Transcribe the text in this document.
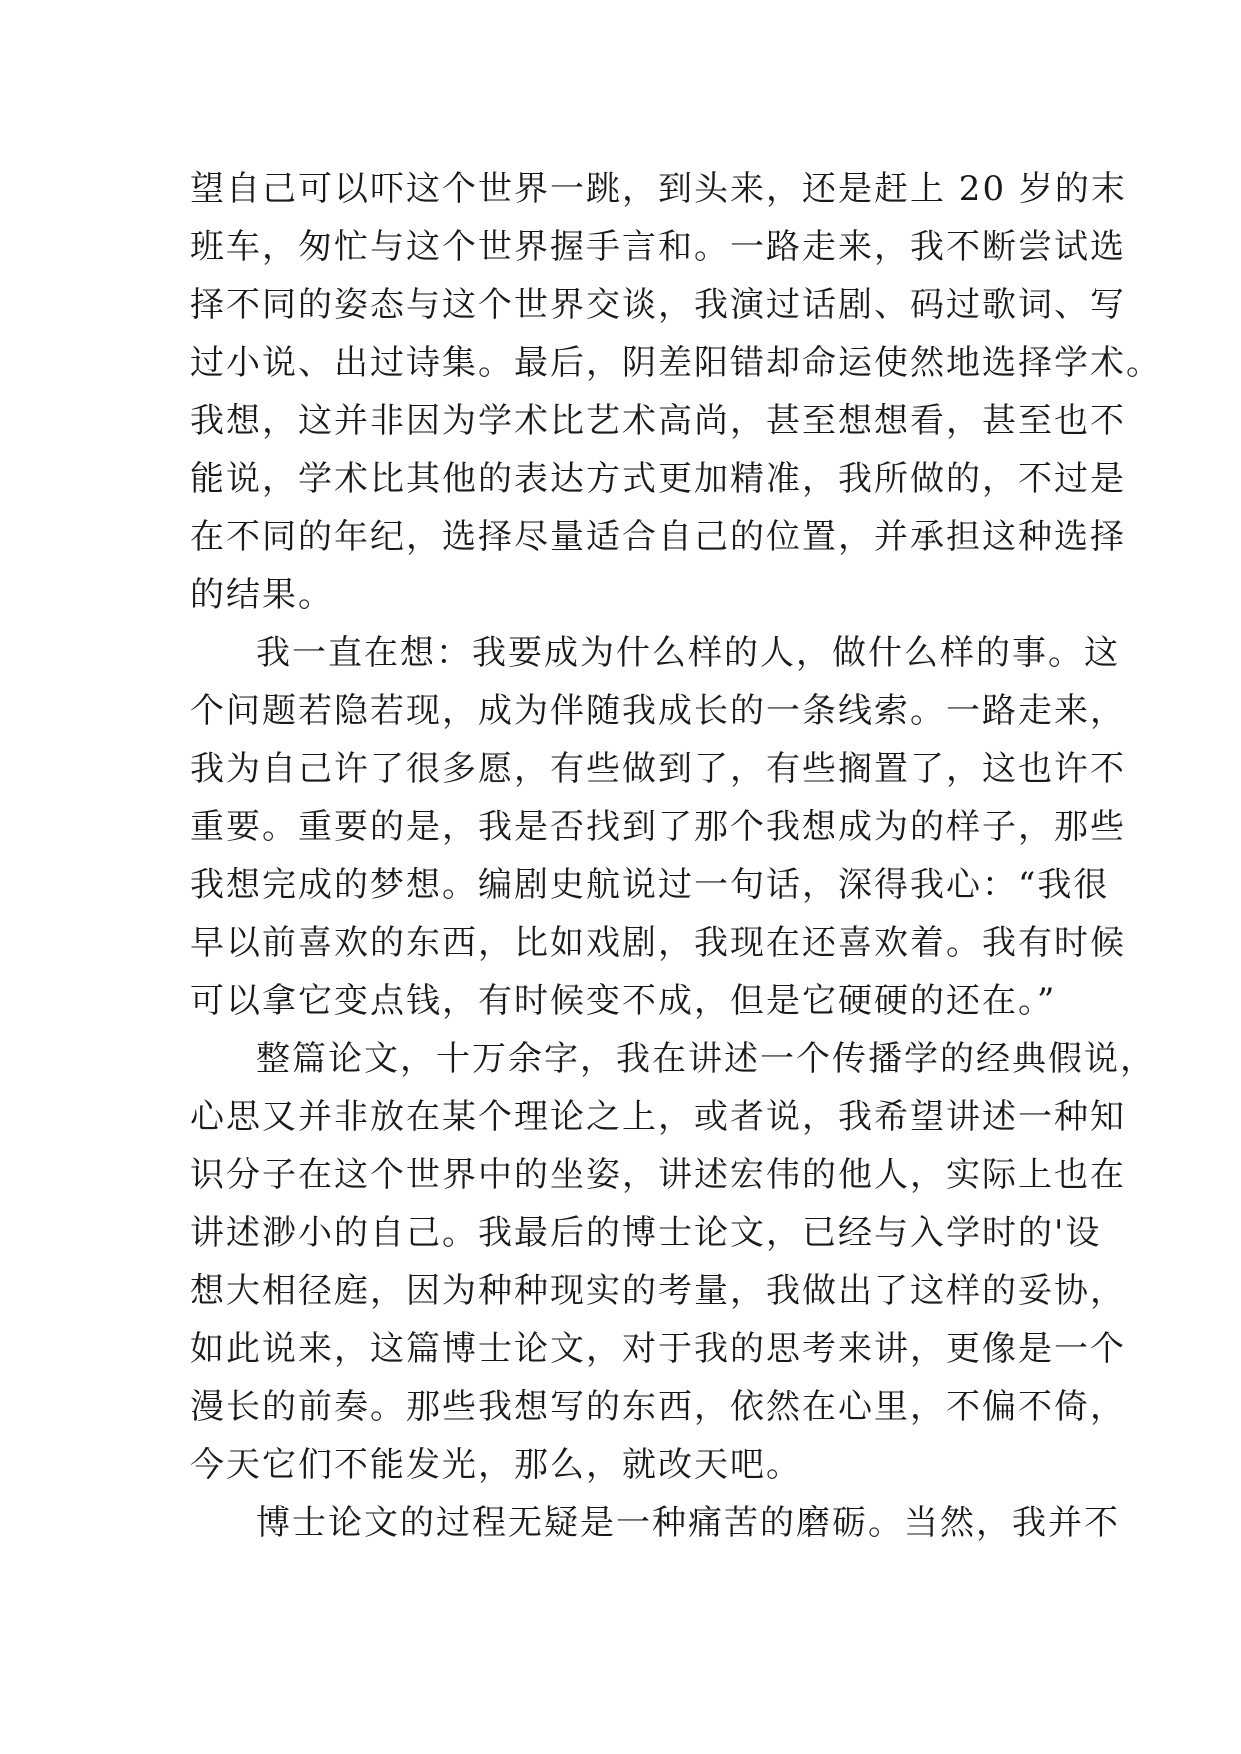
望自己可以吓这个世界一跳，到头来，还是赶上 20 岁的末
班车，匆忙与这个世界握手言和。一路走来，我不断尝试选
择不同的姿态与这个世界交谈，我演过话剧、码过歌词、写
过小说、出过诗集。最后，阴差阳错却命运使然地选择学术。
我想，这并非因为学术比艺术高尚，甚至想想看，甚至也不
能说，学术比其他的表达方式更加精准，我所做的，不过是
在不同的年纪，选择尽量适合自己的位置，并承担这种选择
的结果。
我一直在想：我要成为什么样的人，做什么样的事。这
个问题若隐若现，成为伴随我成长的一条线索。一路走来，
我为自己许了很多愿，有些做到了，有些搁置了，这也许不
重要。重要的是，我是否找到了那个我想成为的样子，那些
我想完成的梦想。编剧史航说过一句话，深得我心：“我很
早以前喜欢的东西，比如戏剧，我现在还喜欢着。我有时候
可以拿它变点钱，有时候变不成，但是它硬硬的还在。”
整篇论文，十万余字，我在讲述一个传播学的经典假说，
心思又并非放在某个理论之上，或者说，我希望讲述一种知
识分子在这个世界中的坐姿，讲述宏伟的他人，实际上也在
讲述渺小的自己。我最后的博士论文，已经与入学时的'设
想大相径庭，因为种种现实的考量，我做出了这样的妥协，
如此说来，这篇博士论文，对于我的思考来讲，更像是一个
漫长的前奏。那些我想写的东西，依然在心里，不偏不倚，
今天它们不能发光，那么，就改天吧。
博士论文的过程无疑是一种痛苦的磨砺。当然，我并不
